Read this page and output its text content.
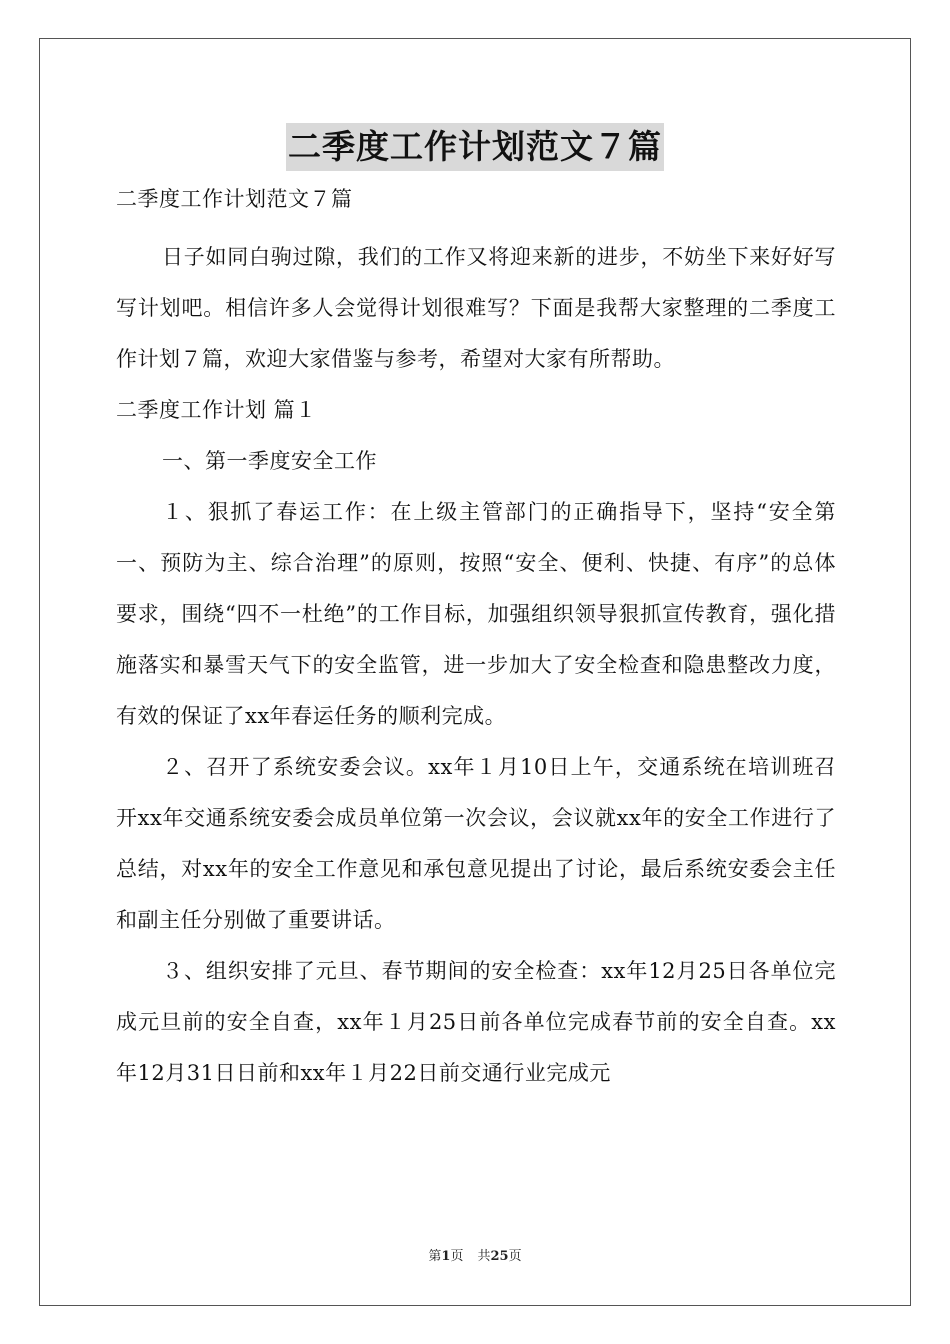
二季度工作计划范文７篇

二季度工作计划范文７篇

日子如同白驹过隙，我们的工作又将迎来新的进步，不妨坐下来好好写写计划吧。相信许多人会觉得计划很难写？下面是我帮大家整理的二季度工作计划７篇，欢迎大家借鉴与参考，希望对大家有所帮助。

二季度工作计划 篇１

一、第一季度安全工作

１、狠抓了春运工作：在上级主管部门的正确指导下，坚持“安全第一、预防为主、综合治理”的原则，按照“安全、便利、快捷、有序”的总体要求，围绕“四不一杜绝”的工作目标，加强组织领导狠抓宣传教育，强化措施落实和暴雪天气下的安全监管，进一步加大了安全检查和隐患整改力度，有效的保证了xx年春运任务的顺利完成。

２、召开了系统安委会议。xx年１月10日上午，交通系统在培训班召开xx年交通系统安委会成员单位第一次会议，会议就xx年的安全工作进行了总结，对xx年的安全工作意见和承包意见提出了讨论，最后系统安委会主任和副主任分别做了重要讲话。

３、组织安排了元旦、春节期间的安全检查：xx年12月25日各单位完成元旦前的安全自查，xx年１月25日前各单位完成春节前的安全自查。xx年12月31日日前和xx年１月22日前交通行业完成元

第1页 共25页
